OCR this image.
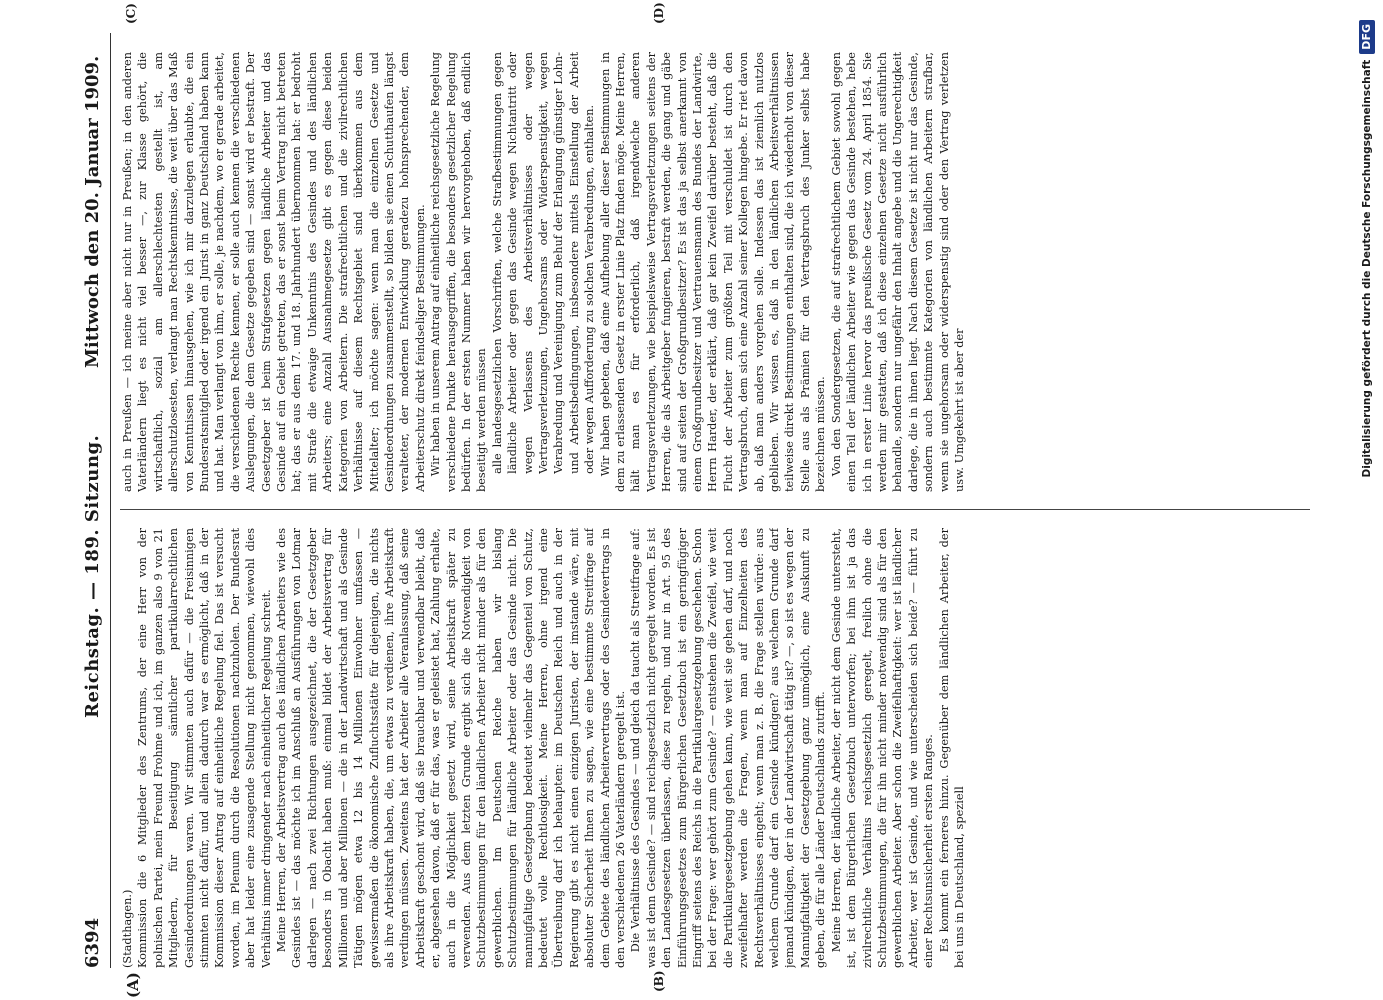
6394
Reichstag. — 189. Sitzung.
Mittwoch den 20. Januar 1909.
(A)	(B)
(C)	(D)

(Stadthagen.) Kommission die 6 Mitglieder des Zentrums, der eine Herr von der polnischen Partei, mein Freund Frohme und ich, im ganzen also 9 von 21 Mitgliedern, für Beseitigung sämtlicher partikularrechtlichen Gesindeordnungen waren. Wir stimmten auch dafür — die Freisinnigen stimmten nicht dafür, und allein dadurch war es ermöglicht, daß in der Kommission dieser Antrag auf einheitliche Regelung fiel. Das ist versucht worden, im Plenum durch die Resolutionen nachzuholen. Der Bundesrat aber hat leider eine zusagende Stellung nicht genommen, wiewohl dies Verhältnis immer dringender nach einheitlicher Regelung schreit. Meine Herren, der Arbeitsvertrag auch des ländlichen Arbeiters wie des Gesindes ist — das möchte ich im Anschluß an Ausführungen von Lotmar darlegen — nach zwei Richtungen ausgezeichnet, die der Gesetzgeber besonders in Obacht haben muß: einmal bildet der Arbeitsvertrag für Millionen und aber Millionen — die in der Landwirtschaft und als Gesinde Tätigen mögen etwa 12 bis 14 Millionen Einwohner umfassen — gewissermaßen die ökonomische Zufluchtsstätte für diejenigen, die nichts als ihre Arbeitskraft haben, die, um etwas zu verdienen, ihre Arbeitskraft verdingen müssen. Zweitens hat der Arbeiter alle Veranlassung, daß seine Arbeitskraft geschont wird, daß sie brauchbar und verwendbar bleibt, daß er, abgesehen davon, daß er für das, was er geleistet hat, Zahlung erhalte, auch in die Möglichkeit gesetzt wird, seine Arbeitskraft später zu verwenden. Aus dem letzten Grunde ergibt sich die Notwendigkeit von Schutzbestimmungen für den ländlichen Arbeiter nicht minder als für den gewerblichen. Im Deutschen Reiche haben wir bislang Schutzbestimmungen für ländliche Arbeiter oder das Gesinde nicht. Die mannigfaltige Gesetzgebung bedeutet vielmehr das Gegenteil von Schutz, bedeutet volle Rechtlosigkeit. Meine Herren, ohne irgend eine Übertreibung darf ich behaupten: im Deutschen Reich und auch in der Regierung gibt es nicht einen einzigen Juristen, der imstande wäre, mit absoluter Sicherheit Ihnen zu sagen, wie eine bestimmte Streitfrage auf dem Gebiete des ländlichen Arbeitervertrags oder des Gesindevertrags in den verschiedenen 26 Vaterländern geregelt ist. Die Verhältnisse des Gesindes — und gleich da taucht als Streitfrage auf: was ist denn Gesinde? — sind reichsgesetzlich nicht geregelt worden. Es ist den Landesgesetzen überlassen, diese zu regeln, und nur in Art. 95 des Einführungsgesetzes zum Bürgerlichen Gesetzbuch ist ein geringfügiger Eingriff seitens des Reichs in die Partikulargesetzgebung geschehen. Schon bei der Frage: wer gehört zum Gesinde? — entstehen die Zweifel, wie weit die Partikulargesetzgebung gehen kann, wie weit sie gehen darf, und noch zweifelhafter werden die Fragen, wenn man auf Einzelheiten des Rechtsverhältnisses eingeht; wenn man z. B. die Frage stellen würde: aus welchem Grunde darf ein Gesinde kündigen? aus welchem Grunde darf jemand kündigen, der in der Landwirtschaft tätig ist? —, so ist es wegen der Mannigfaltigkeit der Gesetzgebung ganz unmöglich, eine Auskunft zu geben, die für alle Länder Deutschlands zutrifft. Meine Herren, der ländliche Arbeiter, der nicht dem Gesinde untersteht, ist, ist dem Bürgerlichen Gesetzbuch unterworfen; bei ihm ist ja das zivilrechtliche Verhältnis reichsgesetzlich geregelt, freilich ohne die Schutzbestimmungen, die für ihn nicht minder notwendig sind als für den gewerblichen Arbeiter. Aber schon die Zweifelhaftigkeit: wer ist ländlicher Arbeiter, wer ist Gesinde, und wie unterscheiden sich beide? — führt zu einer Rechtsunsicherheit ersten Ranges. Es kommt ein ferneres hinzu. Gegenüber dem ländlichen Arbeiter, der bei uns in Deutschland, speziell

auch in Preußen — ich meine aber nicht nur in Preußen; in den anderen Vaterländern liegt es nicht viel besser —, zur Klasse gehört, die wirtschaftlich, sozial am allerschlechtesten gestellt ist, am allerschutzlosesten, verlangt man Rechtskenntnisse, die weit über das Maß von Kenntnissen hinausgehen, wie ich mir darzulegen erlaubte, die ein Bundesratsmitglied oder irgend ein Jurist in ganz Deutschland haben kann und hat. Man verlangt von ihm, er solle, je nachdem, wo er gerade arbeitet, die verschiedenen Rechte kennen, er solle auch kennen die verschiedenen Auslegungen, die dem Gesetze gegeben sind — sonst wird er bestraft. Der Gesetzgeber ist beim Strafgesetzen gegen ländliche Arbeiter und das Gesinde auf ein Gebiet getreten, das er sonst beim Vertrag nicht betreten hat; das er aus dem 17. und 18. Jahrhundert übernommen hat: er bedroht mit Strafe die etwaige Unkenntnis des Gesindes und des ländlichen Arbeiters; eine Anzahl Ausnahmegesetze gibt es gegen diese beiden Kategorien von Arbeitern. Die strafrechtlichen und die zivilrechtlichen Verhältnisse auf diesem Rechtsgebiet sind überkommen aus dem Mittelalter; ich möchte sagen: wenn man die einzelnen Gesetze und Gesindeordnungen zusammenstellt, so bilden sie einen Schutthaufen längst veralteter, der modernen Entwicklung geradezu hohnsprechender, dem Arbeiterschutz direkt feindseliger Bestimmungen. Wir haben in unserem Antrag auf einheitliche reichsgesetzliche Regelung verschiedene Punkte herausgegriffen, die besonders gesetzlicher Regelung bedürfen. In der ersten Nummer haben wir hervorgehoben, daß endlich beseitigt werden müssen alle landesgesetzlichen Vorschriften, welche Strafbestimmungen gegen ländliche Arbeiter oder gegen das Gesinde wegen Nichtantritt oder wegen Verlassens des Arbeitsverhältnisses oder wegen Vertragsverletzungen, Ungehorsams oder Widerspenstigkeit, wegen Verabredung und Vereinigung zum Behuf der Erlangung günstiger Lohn- und Arbeitsbedingungen, insbesondere mittels Einstellung der Arbeit oder wegen Aufforderung zu solchen Verabredungen, enthalten. Wir haben gebeten, daß eine Aufhebung aller dieser Bestimmungen in dem zu erlassenden Gesetz in erster Linie Platz finden möge. Meine Herren, hält man es für erforderlich, daß irgendwelche anderen Vertragsverletzungen, wie beispielsweise Vertragsverletzungen seitens der Herren, die als Arbeitgeber fungieren, bestraft werden, die gang und gäbe sind auf seiten der Großgrundbesitzer? Es ist das ja selbst anerkannt von einem Großgrundbesitzer und Vertrauensmann des Bundes der Landwirte, Herrn Harder, der erklärt, daß gar kein Zweifel darüber besteht, daß die Flucht der Arbeiter zum größten Teil mit verschuldet ist durch den Vertragsbruch, dem sich eine Anzahl seiner Kollegen hingebe. Er riet davon ab, daß man anders vorgehen solle. Indessen das ist ziemlich nutzlos geblieben. Wir wissen es, daß in den ländlichen Arbeitsverhältnissen teilweise direkt Bestimmungen enthalten sind, die ich wiederholt von dieser Stelle aus als Prämien für den Vertragsbruch des Junker selbst habe bezeichnen müssen. Von den Sondergesetzen, die auf strafrechtlichem Gebiet sowohl gegen einen Teil der ländlichen Arbeiter wie gegen das Gesinde bestehen, hebe ich in erster Linie hervor das preußische Gesetz vom 24. April 1854. Sie werden mir gestatten, daß ich diese einzelnen Gesetze nicht ausführlich behandle, sondern nur ungefähr den Inhalt angebe und die Ungerechtigkeit darlege, die in ihnen liegt. Nach diesem Gesetze ist nicht nur das Gesinde, sondern auch bestimmte Kategorien von ländlichen Arbeitern strafbar, wenn sie ungehorsam oder widerspenstig sind oder den Vertrag verletzen usw. Umgekehrt ist aber der	Digitalisierung gefördert durch die Deutsche Forschungsgemeinschaft
DFG
